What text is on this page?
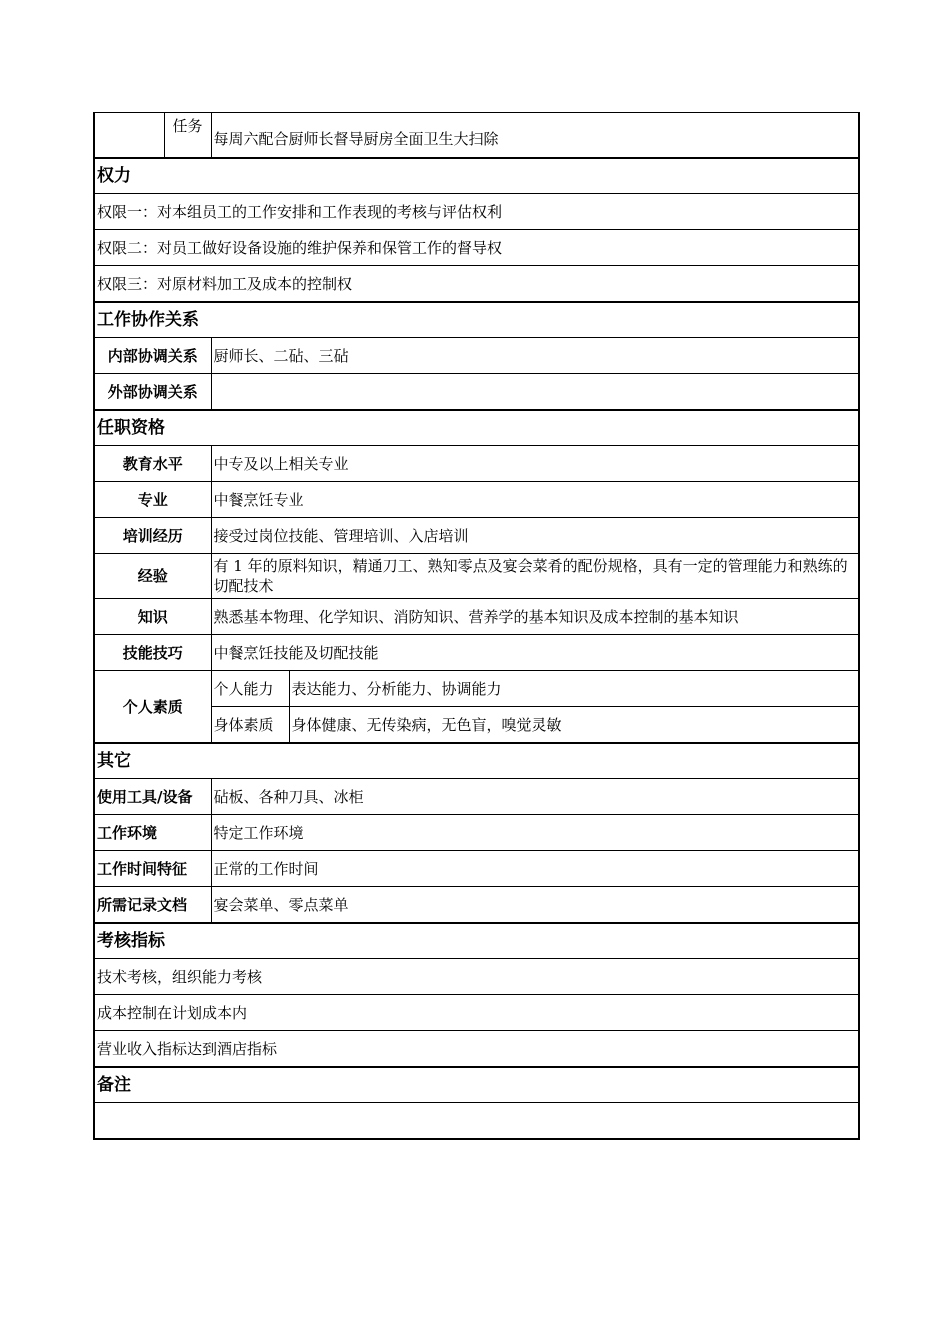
	任务	每周六配合厨师长督导厨房全面卫生大扫除	
权力			
权限一：对本组员工的工作安排和工作表现的考核与评估权利			
权限二：对员工做好设备设施的维护保养和保管工作的督导权			
权限三：对原材料加工及成本的控制权			
工作协作关系			
内部协调关系		厨师长、二砧、三砧	
外部协调关系			
任职资格			
教育水平		中专及以上相关专业	
专业		中餐烹饪专业	
培训经历		接受过岗位技能、管理培训、入店培训	
经验		有 1 年的原料知识，精通刀工、熟知零点及宴会菜肴的配份规格，具有一定的管理能力和熟练的切配技术	
知识		熟悉基本物理、化学知识、消防知识、营养学的基本知识及成本控制的基本知识	
技能技巧		中餐烹饪技能及切配技能	
个人素质		个人能力	表达能力、分析能力、协调能力
		身体素质	身体健康、无传染病，无色盲，嗅觉灵敏
其它			
使用工具/设备		砧板、各种刀具、冰柜	
工作环境		特定工作环境	
工作时间特征		正常的工作时间	
所需记录文档		宴会菜单、零点菜单	
考核指标			
技术考核，组织能力考核			
成本控制在计划成本内			
营业收入指标达到酒店指标			
备注			
